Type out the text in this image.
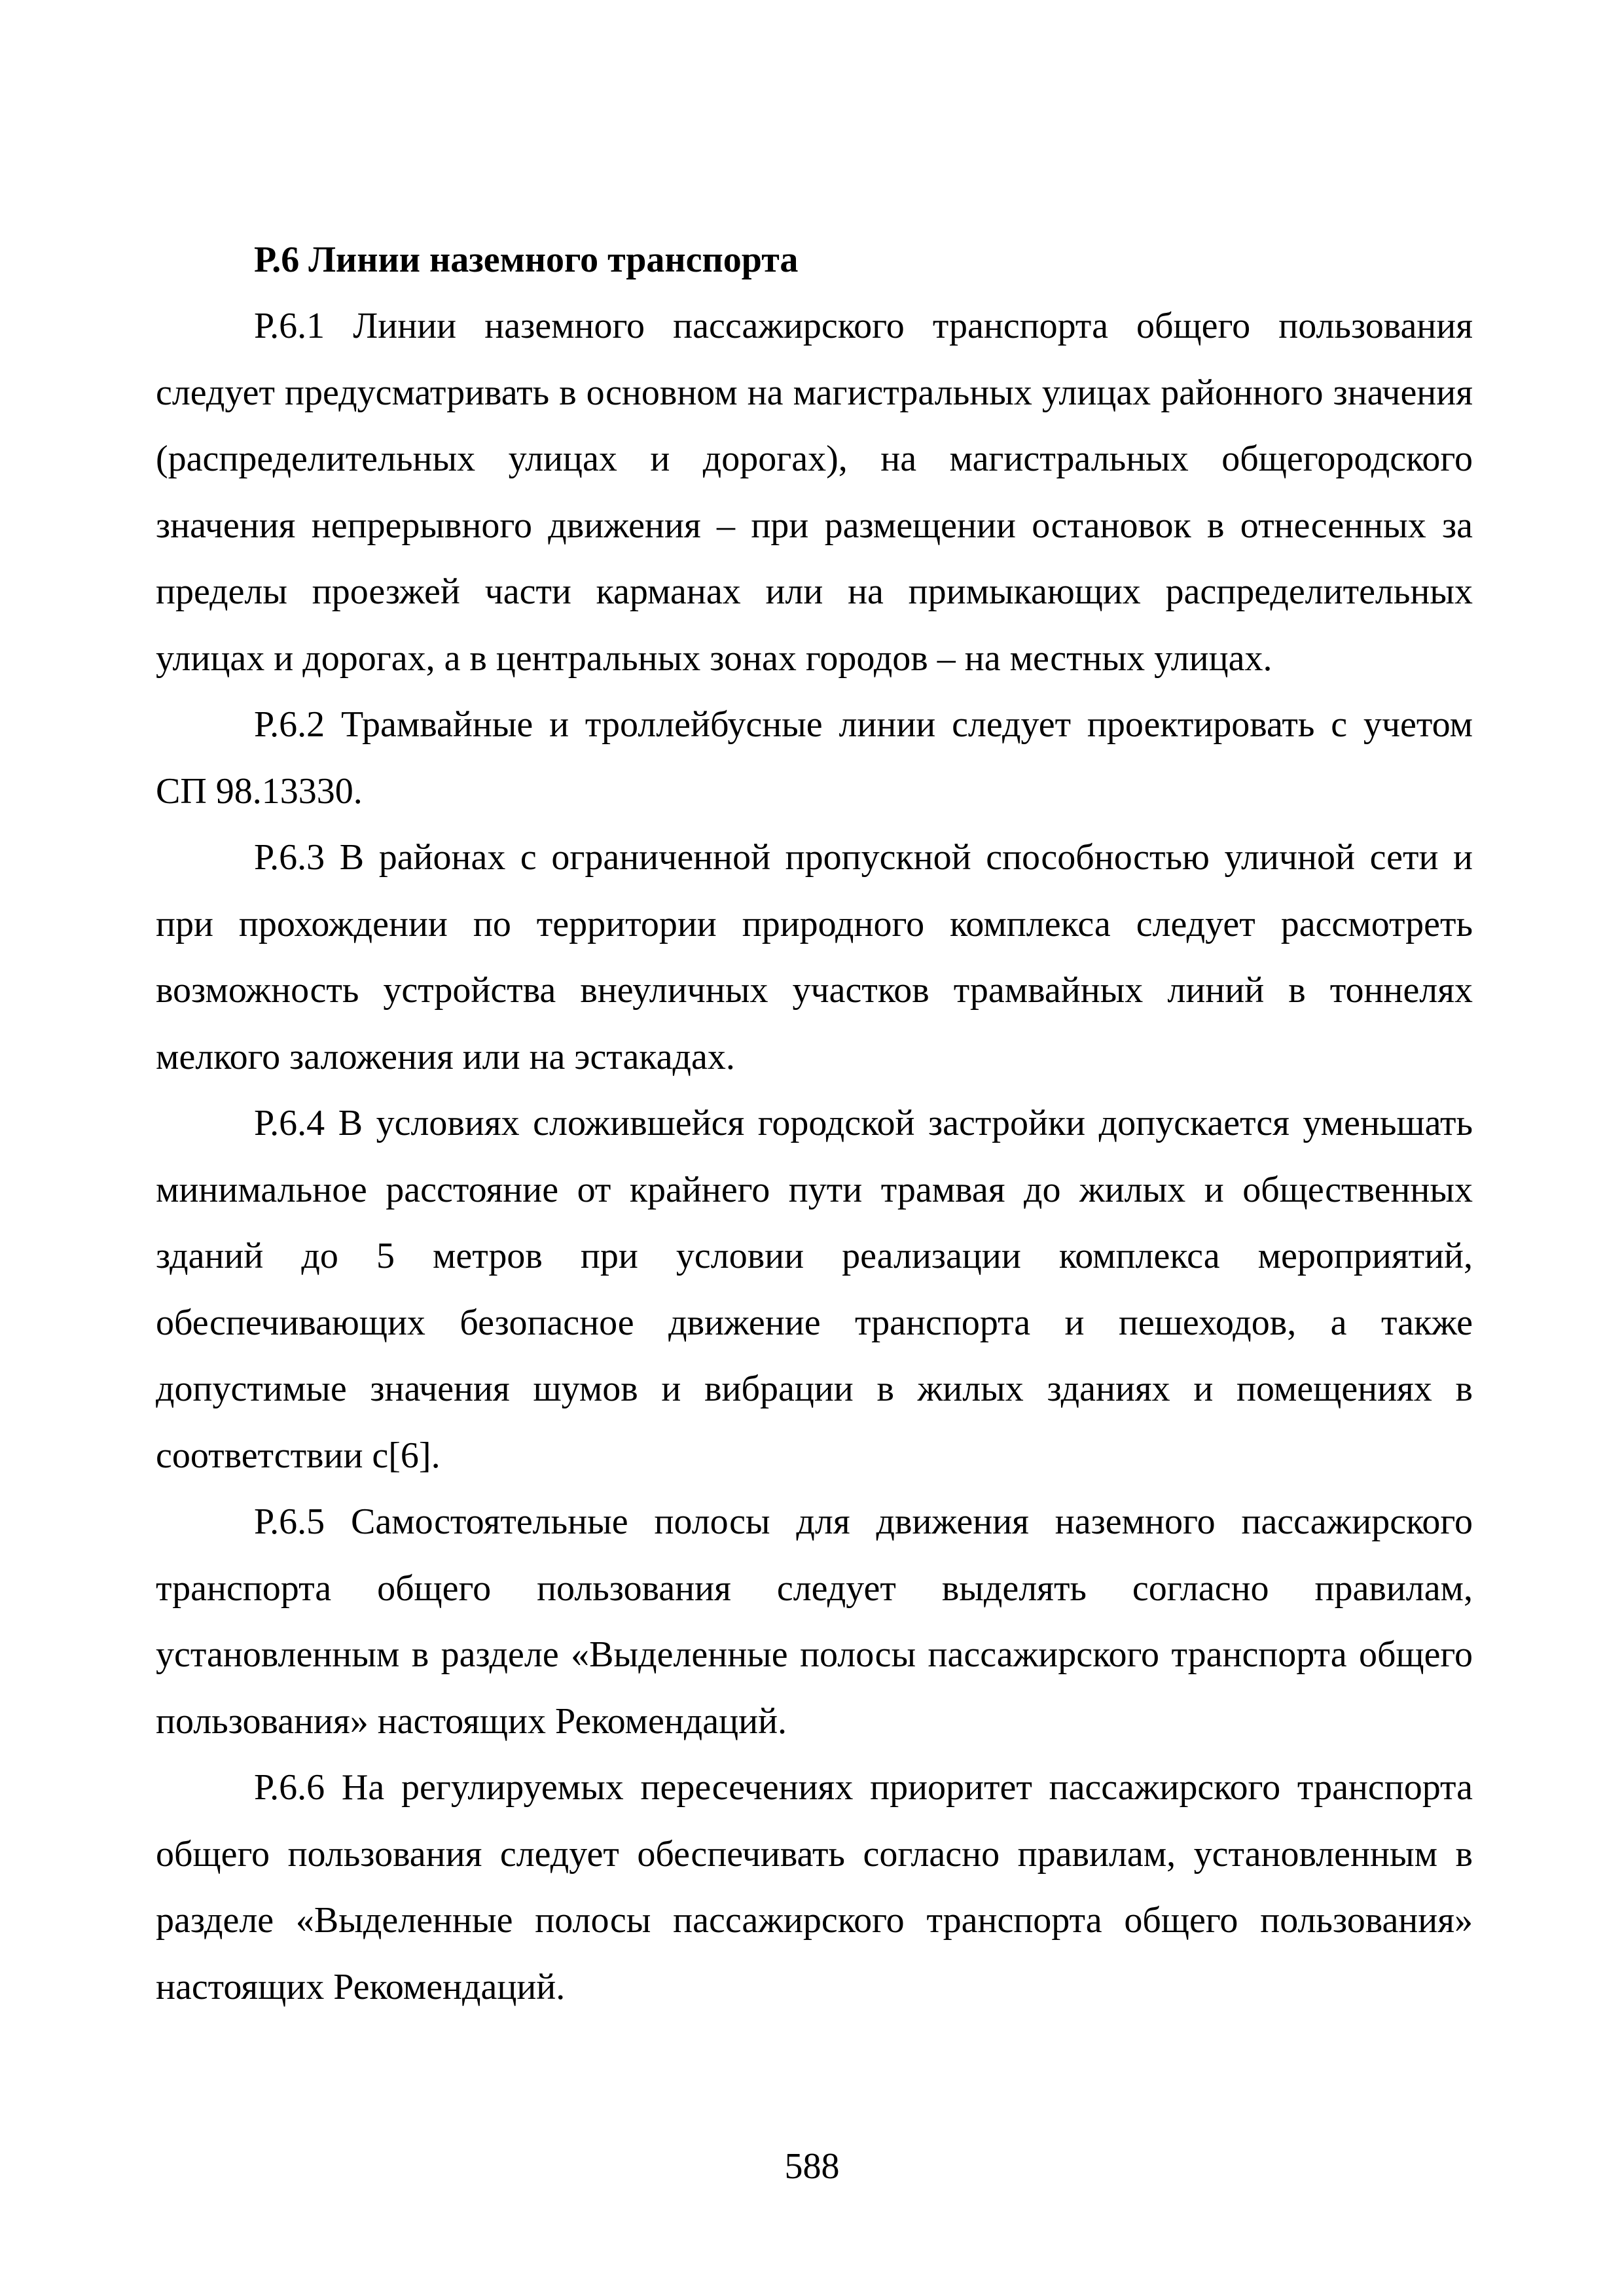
Р.6 Линии наземного транспорта

Р.6.1 Линии наземного пассажирского транспорта общего пользования следует предусматривать в основном на магистральных улицах районного значения (распределительных улицах и дорогах), на магистральных общегородского значения непрерывного движения – при размещении остановок в отнесенных за пределы проезжей части карманах или на примыкающих распределительных улицах и дорогах, а в центральных зонах городов – на местных улицах.

Р.6.2 Трамвайные и троллейбусные линии следует проектировать с учетом СП 98.13330.

Р.6.3 В районах с ограниченной пропускной способностью уличной сети и при прохождении по территории природного комплекса следует рассмотреть возможность устройства внеуличных участков трамвайных линий в тоннелях мелкого заложения или на эстакадах.

Р.6.4 В условиях сложившейся городской застройки допускается уменьшать минимальное расстояние от крайнего пути трамвая до жилых и общественных зданий до 5 метров при условии реализации комплекса мероприятий, обеспечивающих безопасное движение транспорта и пешеходов, а также допустимые значения шумов и вибрации в жилых зданиях и помещениях в соответствии с[6].

Р.6.5 Самостоятельные полосы для движения наземного пассажирского транспорта общего пользования следует выделять согласно правилам, установленным в разделе «Выделенные полосы пассажирского транспорта общего пользования» настоящих Рекомендаций.

Р.6.6 На регулируемых пересечениях приоритет пассажирского транспорта общего пользования следует обеспечивать согласно правилам, установленным в разделе «Выделенные полосы пассажирского транспорта общего пользования» настоящих Рекомендаций.

588
